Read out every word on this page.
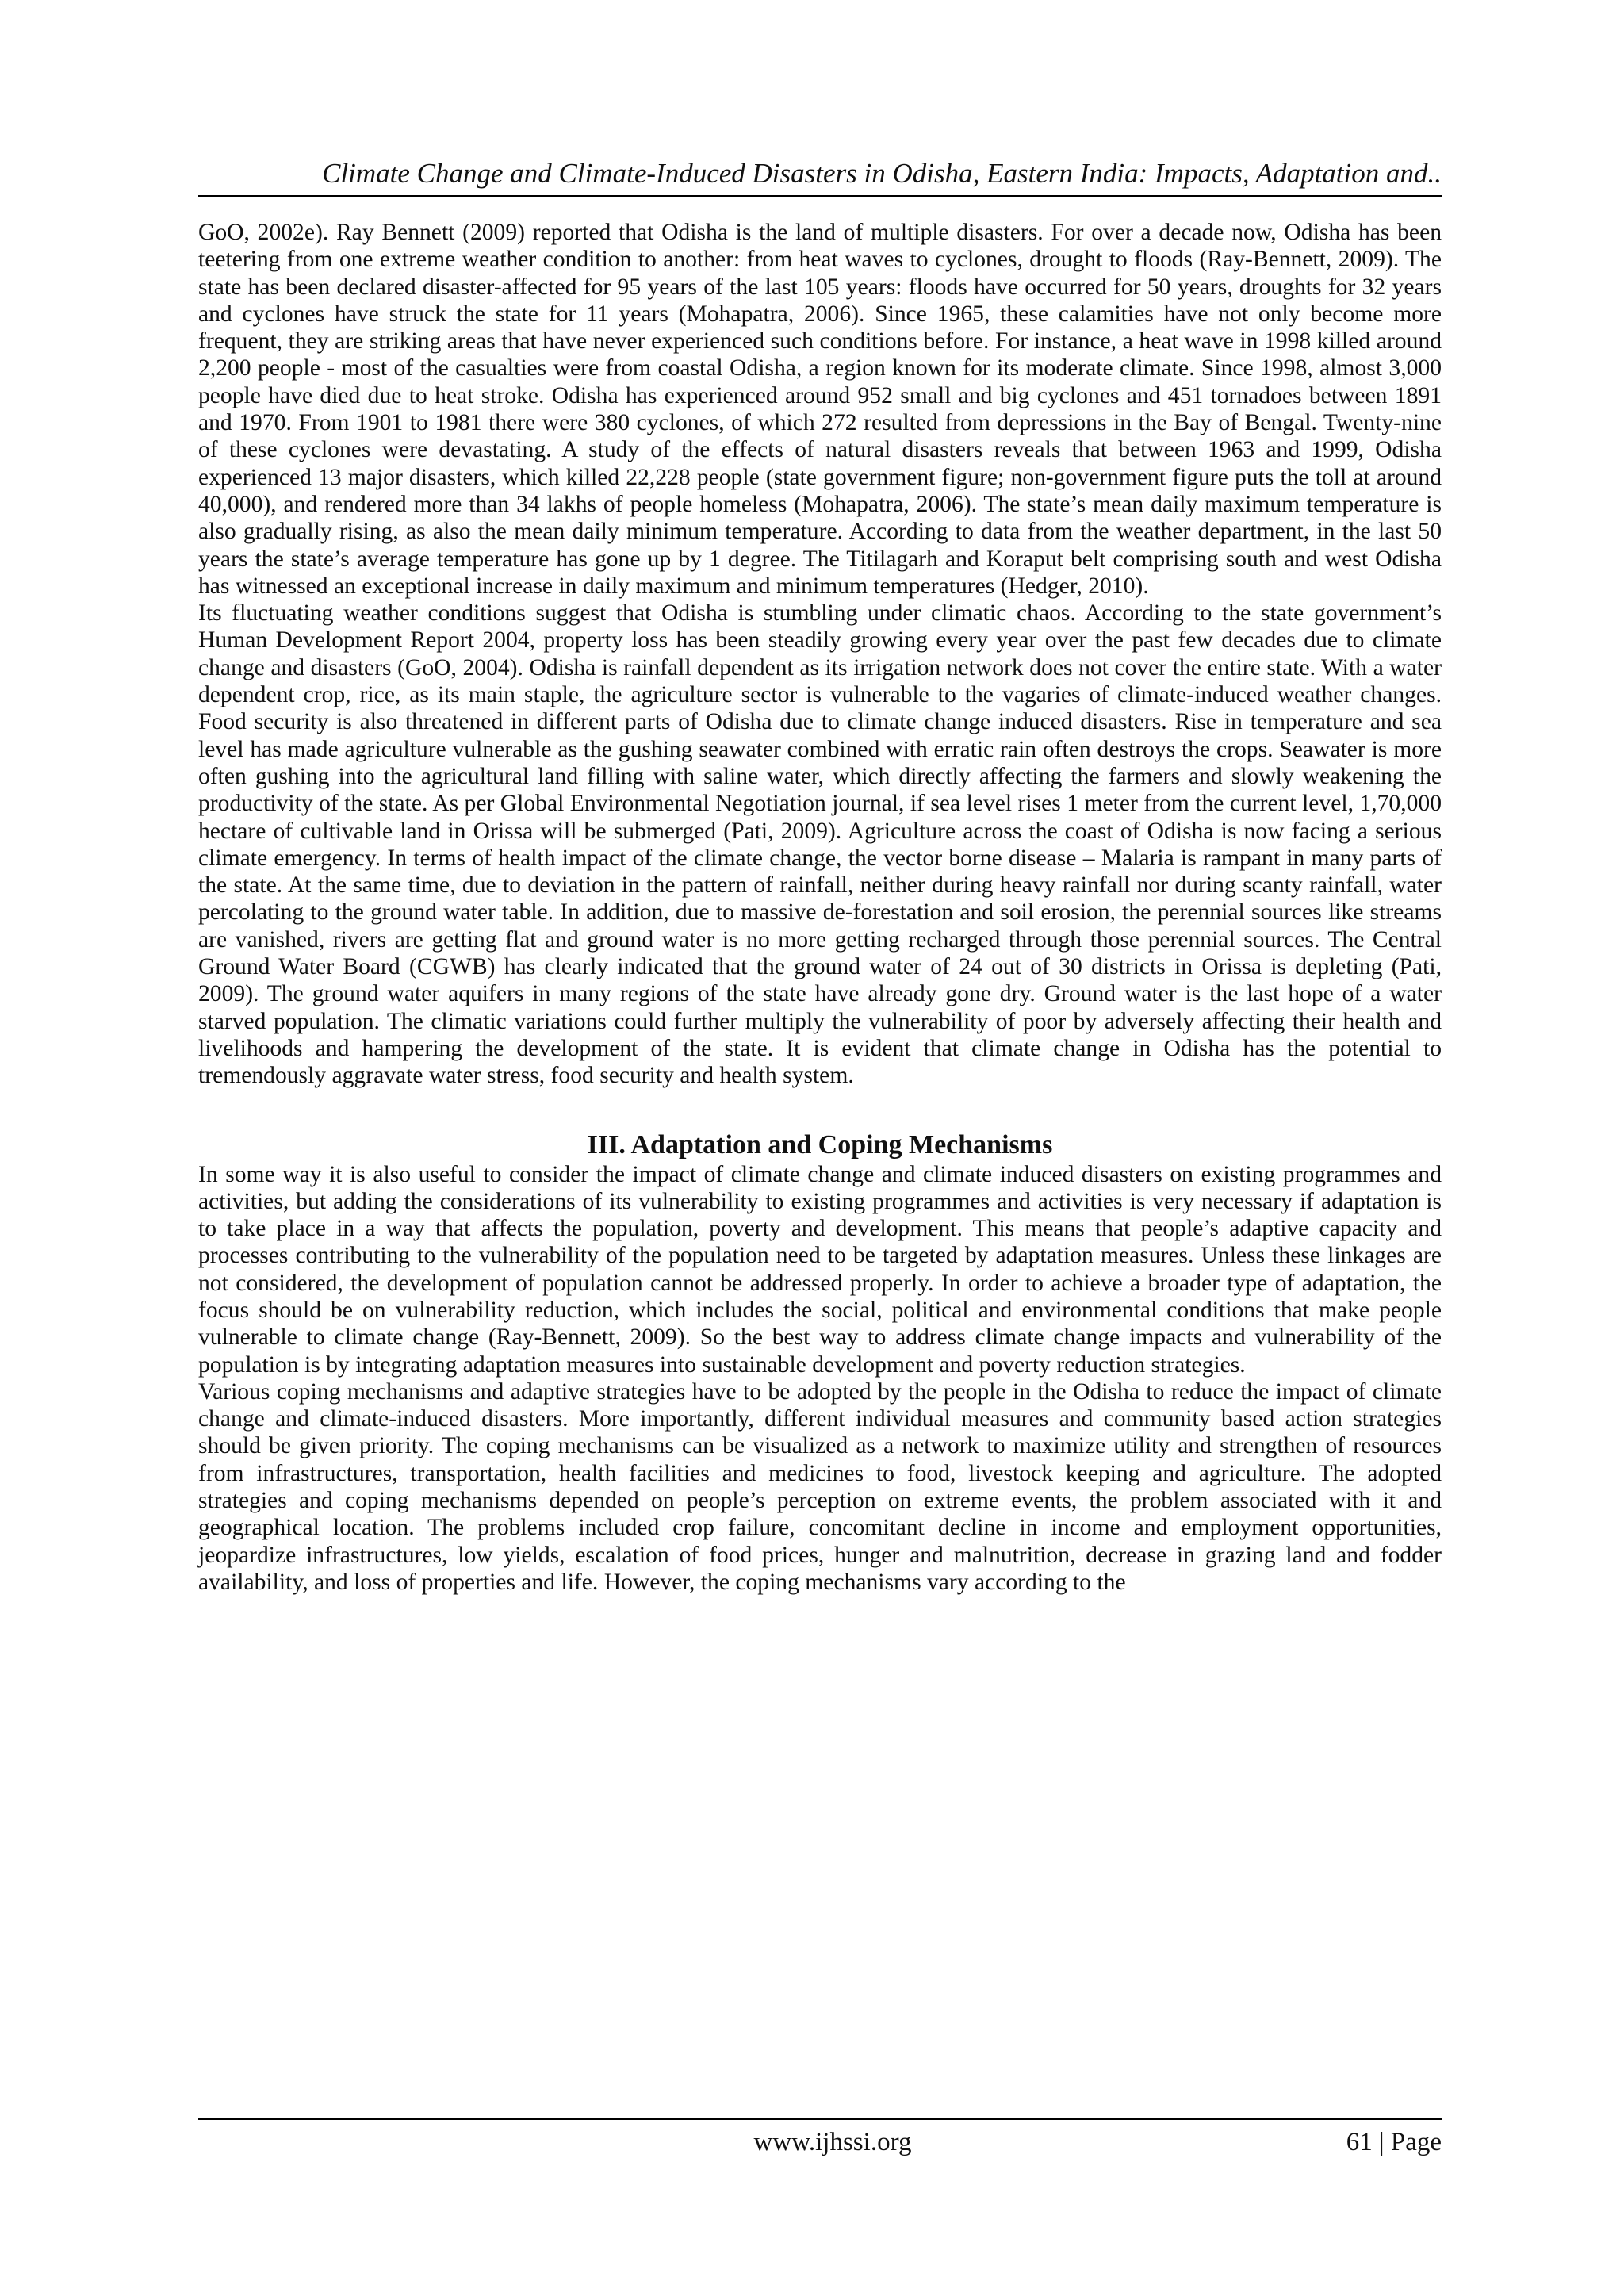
Climate Change and Climate-Induced Disasters in Odisha, Eastern India: Impacts, Adaptation and..

GoO, 2002e). Ray Bennett (2009) reported that Odisha is the land of multiple disasters. For over a decade now, Odisha has been teetering from one extreme weather condition to another: from heat waves to cyclones, drought to floods (Ray-Bennett, 2009). The state has been declared disaster-affected for 95 years of the last 105 years: floods have occurred for 50 years, droughts for 32 years and cyclones have struck the state for 11 years (Mohapatra, 2006). Since 1965, these calamities have not only become more frequent, they are striking areas that have never experienced such conditions before. For instance, a heat wave in 1998 killed around 2,200 people - most of the casualties were from coastal Odisha, a region known for its moderate climate. Since 1998, almost 3,000 people have died due to heat stroke. Odisha has experienced around 952 small and big cyclones and 451 tornadoes between 1891 and 1970. From 1901 to 1981 there were 380 cyclones, of which 272 resulted from depressions in the Bay of Bengal. Twenty-nine of these cyclones were devastating. A study of the effects of natural disasters reveals that between 1963 and 1999, Odisha experienced 13 major disasters, which killed 22,228 people (state government figure; non-government figure puts the toll at around 40,000), and rendered more than 34 lakhs of people homeless (Mohapatra, 2006). The state’s mean daily maximum temperature is also gradually rising, as also the mean daily minimum temperature. According to data from the weather department, in the last 50 years the state’s average temperature has gone up by 1 degree. The Titilagarh and Koraput belt comprising south and west Odisha has witnessed an exceptional increase in daily maximum and minimum temperatures (Hedger, 2010).

Its fluctuating weather conditions suggest that Odisha is stumbling under climatic chaos. According to the state government’s Human Development Report 2004, property loss has been steadily growing every year over the past few decades due to climate change and disasters (GoO, 2004). Odisha is rainfall dependent as its irrigation network does not cover the entire state. With a water dependent crop, rice, as its main staple, the agriculture sector is vulnerable to the vagaries of climate-induced weather changes. Food security is also threatened in different parts of Odisha due to climate change induced disasters. Rise in temperature and sea level has made agriculture vulnerable as the gushing seawater combined with erratic rain often destroys the crops. Seawater is more often gushing into the agricultural land filling with saline water, which directly affecting the farmers and slowly weakening the productivity of the state. As per Global Environmental Negotiation journal, if sea level rises 1 meter from the current level, 1,70,000 hectare of cultivable land in Orissa will be submerged (Pati, 2009). Agriculture across the coast of Odisha is now facing a serious climate emergency. In terms of health impact of the climate change, the vector borne disease – Malaria is rampant in many parts of the state. At the same time, due to deviation in the pattern of rainfall, neither during heavy rainfall nor during scanty rainfall, water percolating to the ground water table. In addition, due to massive de-forestation and soil erosion, the perennial sources like streams are vanished, rivers are getting flat and ground water is no more getting recharged through those perennial sources. The Central Ground Water Board (CGWB) has clearly indicated that the ground water of 24 out of 30 districts in Orissa is depleting (Pati, 2009). The ground water aquifers in many regions of the state have already gone dry. Ground water is the last hope of a water starved population. The climatic variations could further multiply the vulnerability of poor by adversely affecting their health and livelihoods and hampering the development of the state. It is evident that climate change in Odisha has the potential to tremendously aggravate water stress, food security and health system.

III. Adaptation and Coping Mechanisms

In some way it is also useful to consider the impact of climate change and climate induced disasters on existing programmes and activities, but adding the considerations of its vulnerability to existing programmes and activities is very necessary if adaptation is to take place in a way that affects the population, poverty and development. This means that people’s adaptive capacity and processes contributing to the vulnerability of the population need to be targeted by adaptation measures. Unless these linkages are not considered, the development of population cannot be addressed properly. In order to achieve a broader type of adaptation, the focus should be on vulnerability reduction, which includes the social, political and environmental conditions that make people vulnerable to climate change (Ray-Bennett, 2009). So the best way to address climate change impacts and vulnerability of the population is by integrating adaptation measures into sustainable development and poverty reduction strategies.

Various coping mechanisms and adaptive strategies have to be adopted by the people in the Odisha to reduce the impact of climate change and climate-induced disasters. More importantly, different individual measures and community based action strategies should be given priority. The coping mechanisms can be visualized as a network to maximize utility and strengthen of resources from infrastructures, transportation, health facilities and medicines to food, livestock keeping and agriculture. The adopted strategies and coping mechanisms depended on people’s perception on extreme events, the problem associated with it and geographical location. The problems included crop failure, concomitant decline in income and employment opportunities, jeopardize infrastructures, low yields, escalation of food prices, hunger and malnutrition, decrease in grazing land and fodder availability, and loss of properties and life. However, the coping mechanisms vary according to the

www.ijhssi.org	61 | Page
